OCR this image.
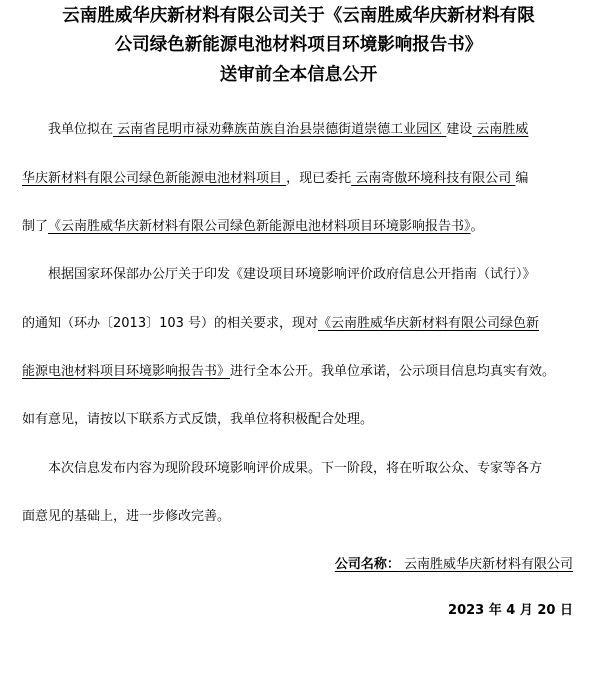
云南胜威华庆新材料有限公司关于《云南胜威华庆新材料有限
公司绿色新能源电池材料项目环境影响报告书》
送审前全本信息公开
我单位拟在 云南省昆明市禄劝彝族苗族自治县崇德街道崇德工业园区 建设 云南胜威
华庆新材料有限公司绿色新能源电池材料项目 ，现已委托 云南寄傲环境科技有限公司 编
制了《云南胜威华庆新材料有限公司绿色新能源电池材料项目环境影响报告书》。
根据国家环保部办公厅关于印发《建设项目环境影响评价政府信息公开指南（试行）》
的通知（环办〔2013〕103 号）的相关要求，现对《云南胜威华庆新材料有限公司绿色新
能源电池材料项目环境影响报告书》进行全本公开。我单位承诺，公示项目信息均真实有效。
如有意见，请按以下联系方式反馈，我单位将积极配合处理。
本次信息发布内容为现阶段环境影响评价成果。下一阶段，将在听取公众、专家等各方
面意见的基础上，进一步修改完善。
公司名称： 云南胜威华庆新材料有限公司
2023 年 4 月 20 日
